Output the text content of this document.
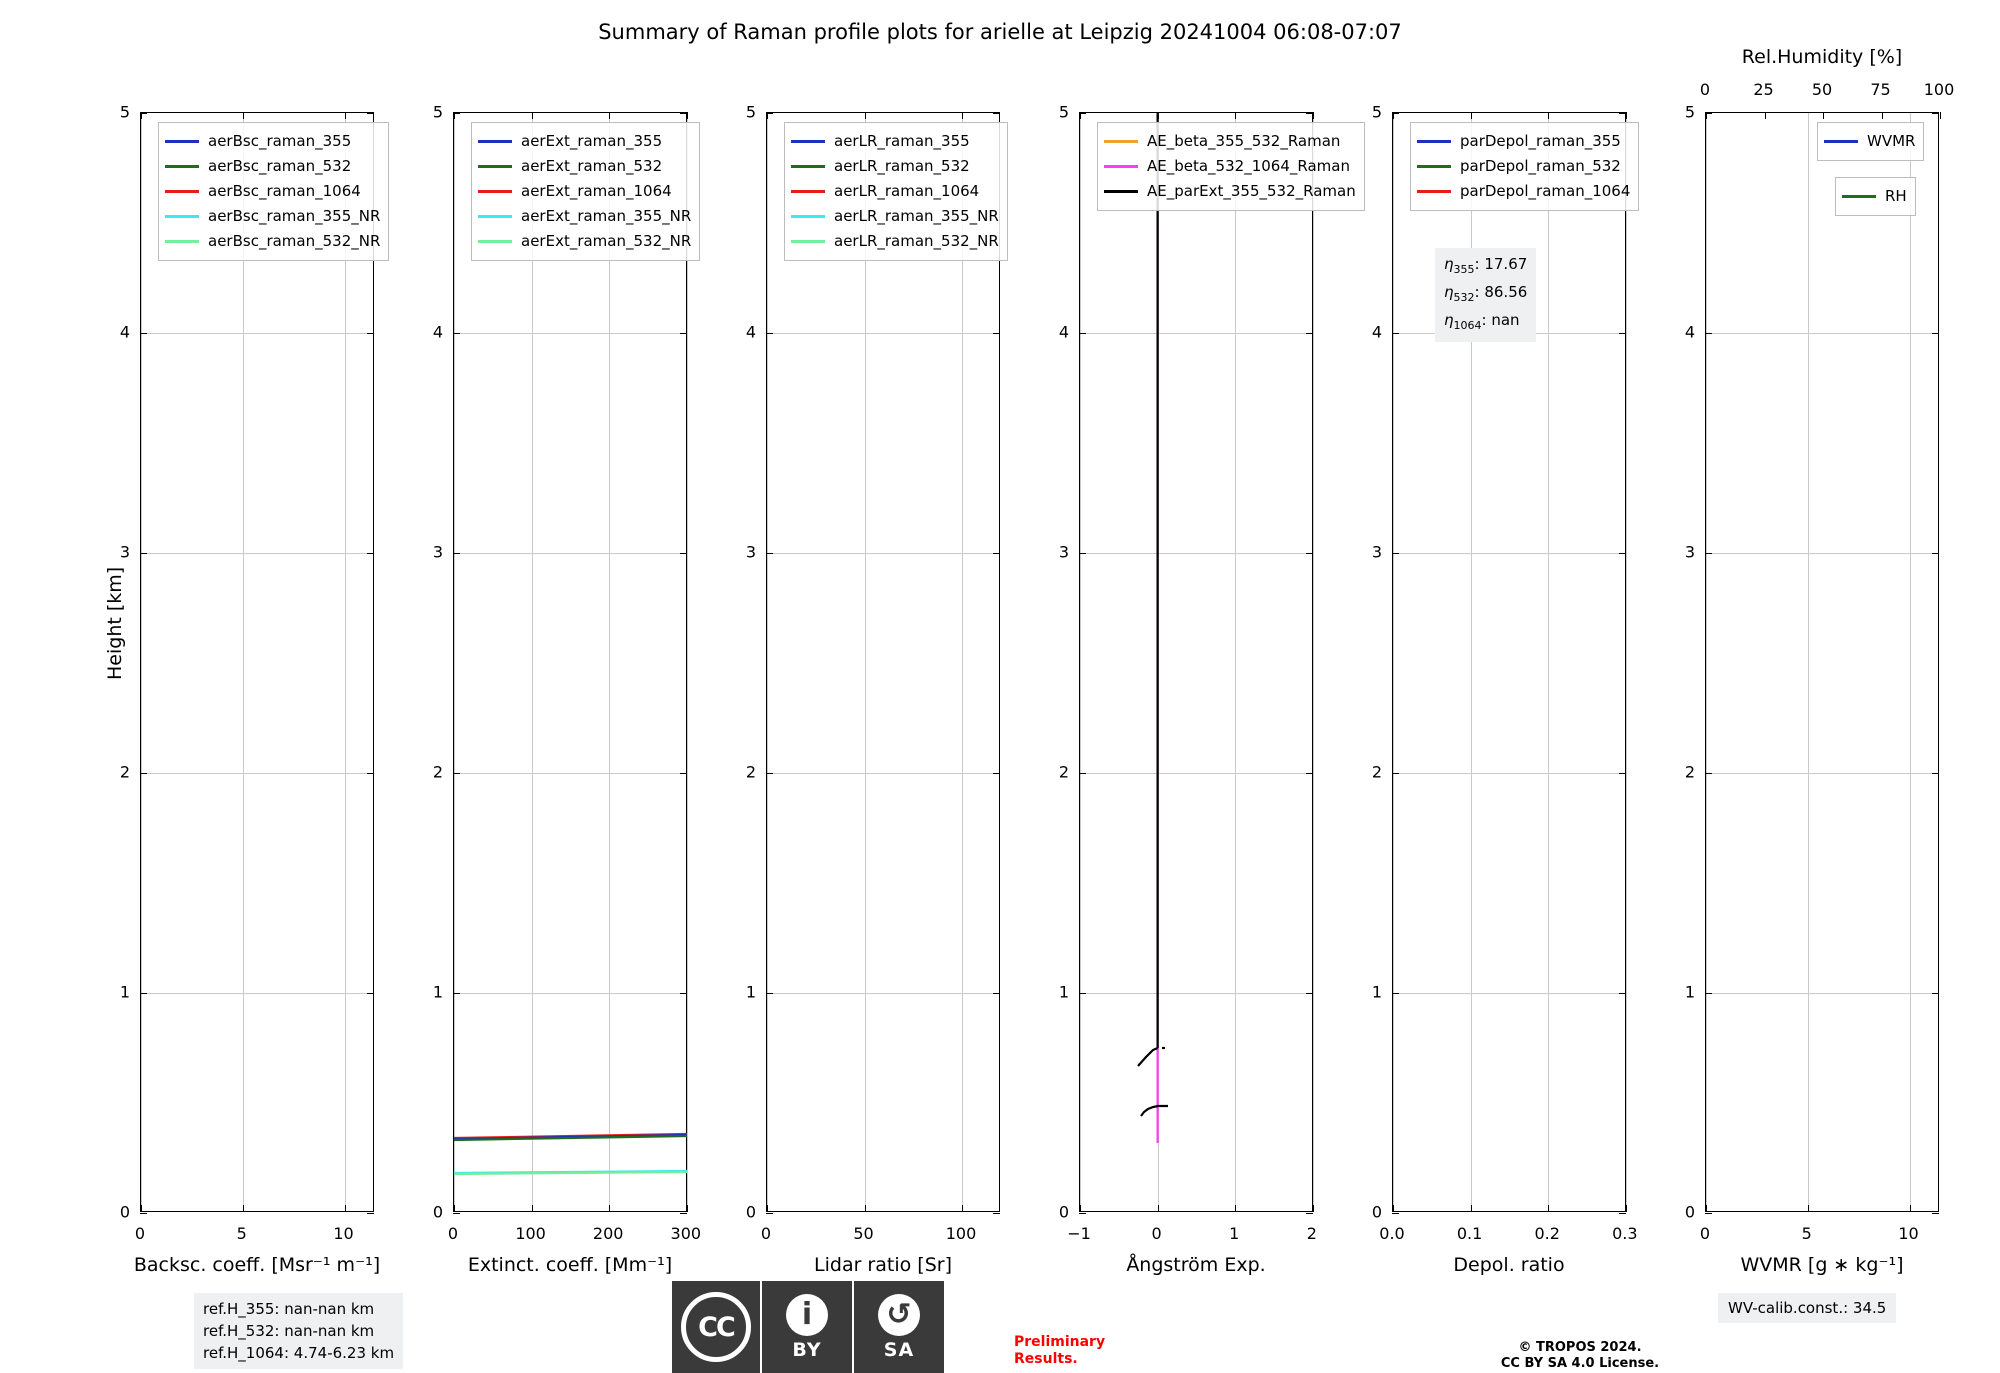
Summary of Raman profile plots for arielle at Leipzig 20241004 06:08-07:07
Height [km]
0
1
2
3
4
5
0	5	10
Backsc. coeff. [Msr⁻¹ m⁻¹]
aerBsc_raman_355
aerBsc_raman_532
aerBsc_raman_1064
aerBsc_raman_355_NR
aerBsc_raman_532_NR
0
1
2
3
4
5
0	100	200	300
Extinct. coeff. [Mm⁻¹]
aerExt_raman_355
aerExt_raman_532
aerExt_raman_1064
aerExt_raman_355_NR
aerExt_raman_532_NR
0
1
2
3
4
5
0	50	100
Lidar ratio [Sr]
aerLR_raman_355
aerLR_raman_532
aerLR_raman_1064
aerLR_raman_355_NR
aerLR_raman_532_NR
0
1
2
3
4
5
−1	0	1	2
Ångström Exp.
AE_beta_355_532_Raman
AE_beta_532_1064_Raman
AE_parExt_355_532_Raman
$\eta_{355}$: 17.67
$\eta_{532}$: 86.56
$\eta_{1064}$: nan
0
1
2
3
4
5
0.0	0.1	0.2	0.3
Depol. ratio
parDepol_raman_355
parDepol_raman_532
parDepol_raman_1064
0
1
2
3
4
5
0	5	10
0	25 50 75 100
Rel.Humidity [%]
WVMR [g ∗ kg⁻¹]
WVMR
RH
ref.H_355: nan-nan km
ref.H_532: nan-nan km
ref.H_1064: 4.74-6.23 km
CC	i
BY
↺
SA	Preliminary
Results.
© TROPOS 2024.
CC BY SA 4.0 License.
WV-calib.const.: 34.5
